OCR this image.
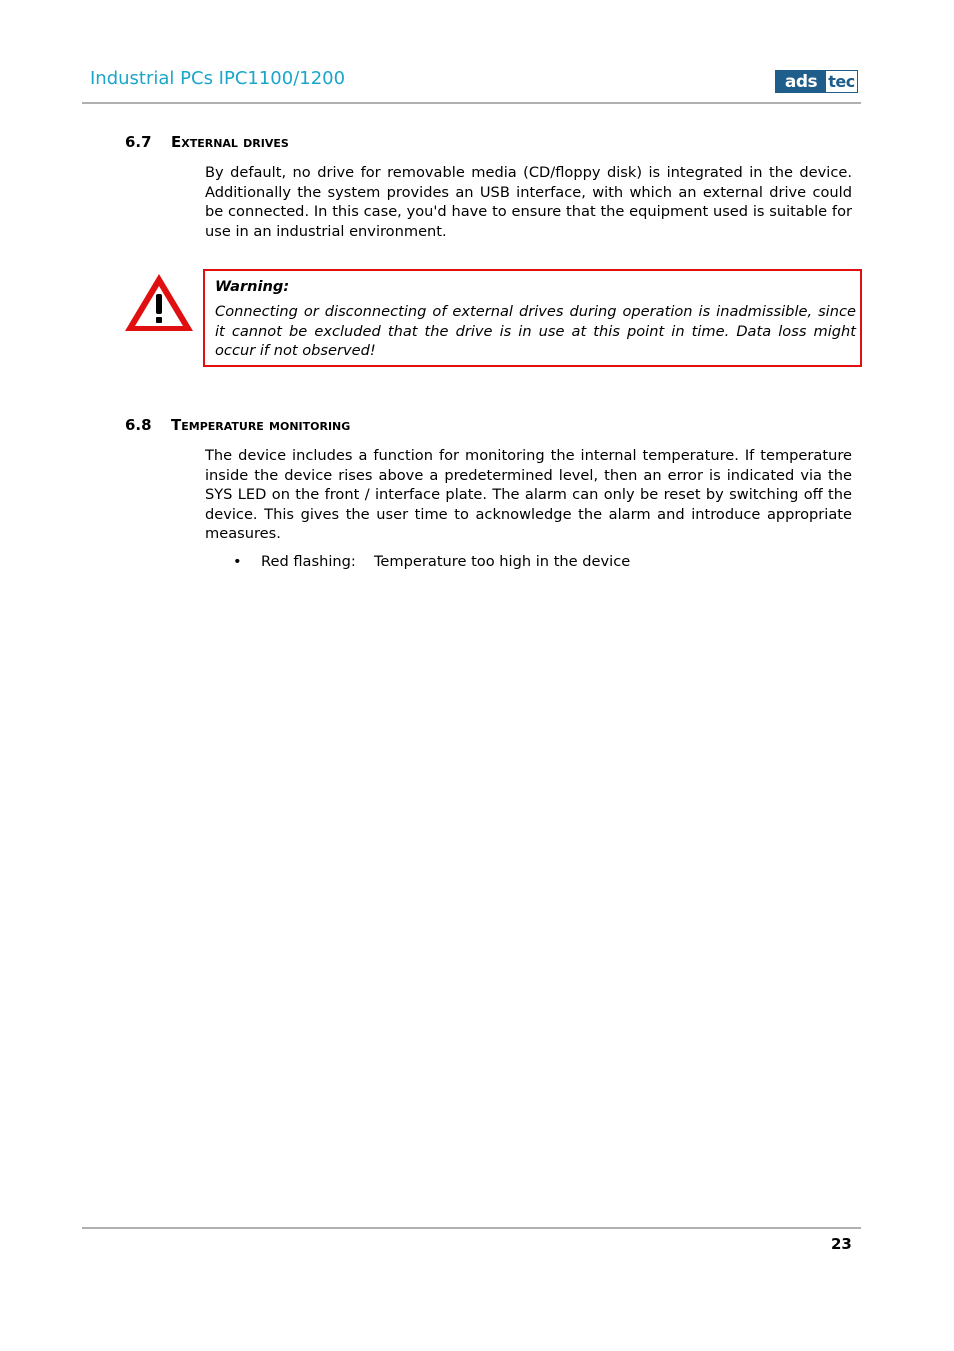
Industrial PCs IPC1100/1200	ads tec
6.7 External drives
By default, no drive for removable media (CD/floppy disk) is integrated in the device. Additionally the system provides an USB interface, with which an external drive could be connected. In this case, you'd have to ensure that the equipment used is suitable for use in an industrial environment.
Warning:
Connecting or disconnecting of external drives during operation is inadmissible, since it cannot be excluded that the drive is in use at this point in time. Data loss might occur if not observed!
6.8 Temperature monitoring
The device includes a function for monitoring the internal temperature. If temperature inside the device rises above a predetermined level, then an error is indicated via the SYS LED on the front / interface plate. The alarm can only be reset by switching off the device. This gives the user time to acknowledge the alarm and introduce appropriate measures.
•	Red flashing:	Temperature too high in the device
23
